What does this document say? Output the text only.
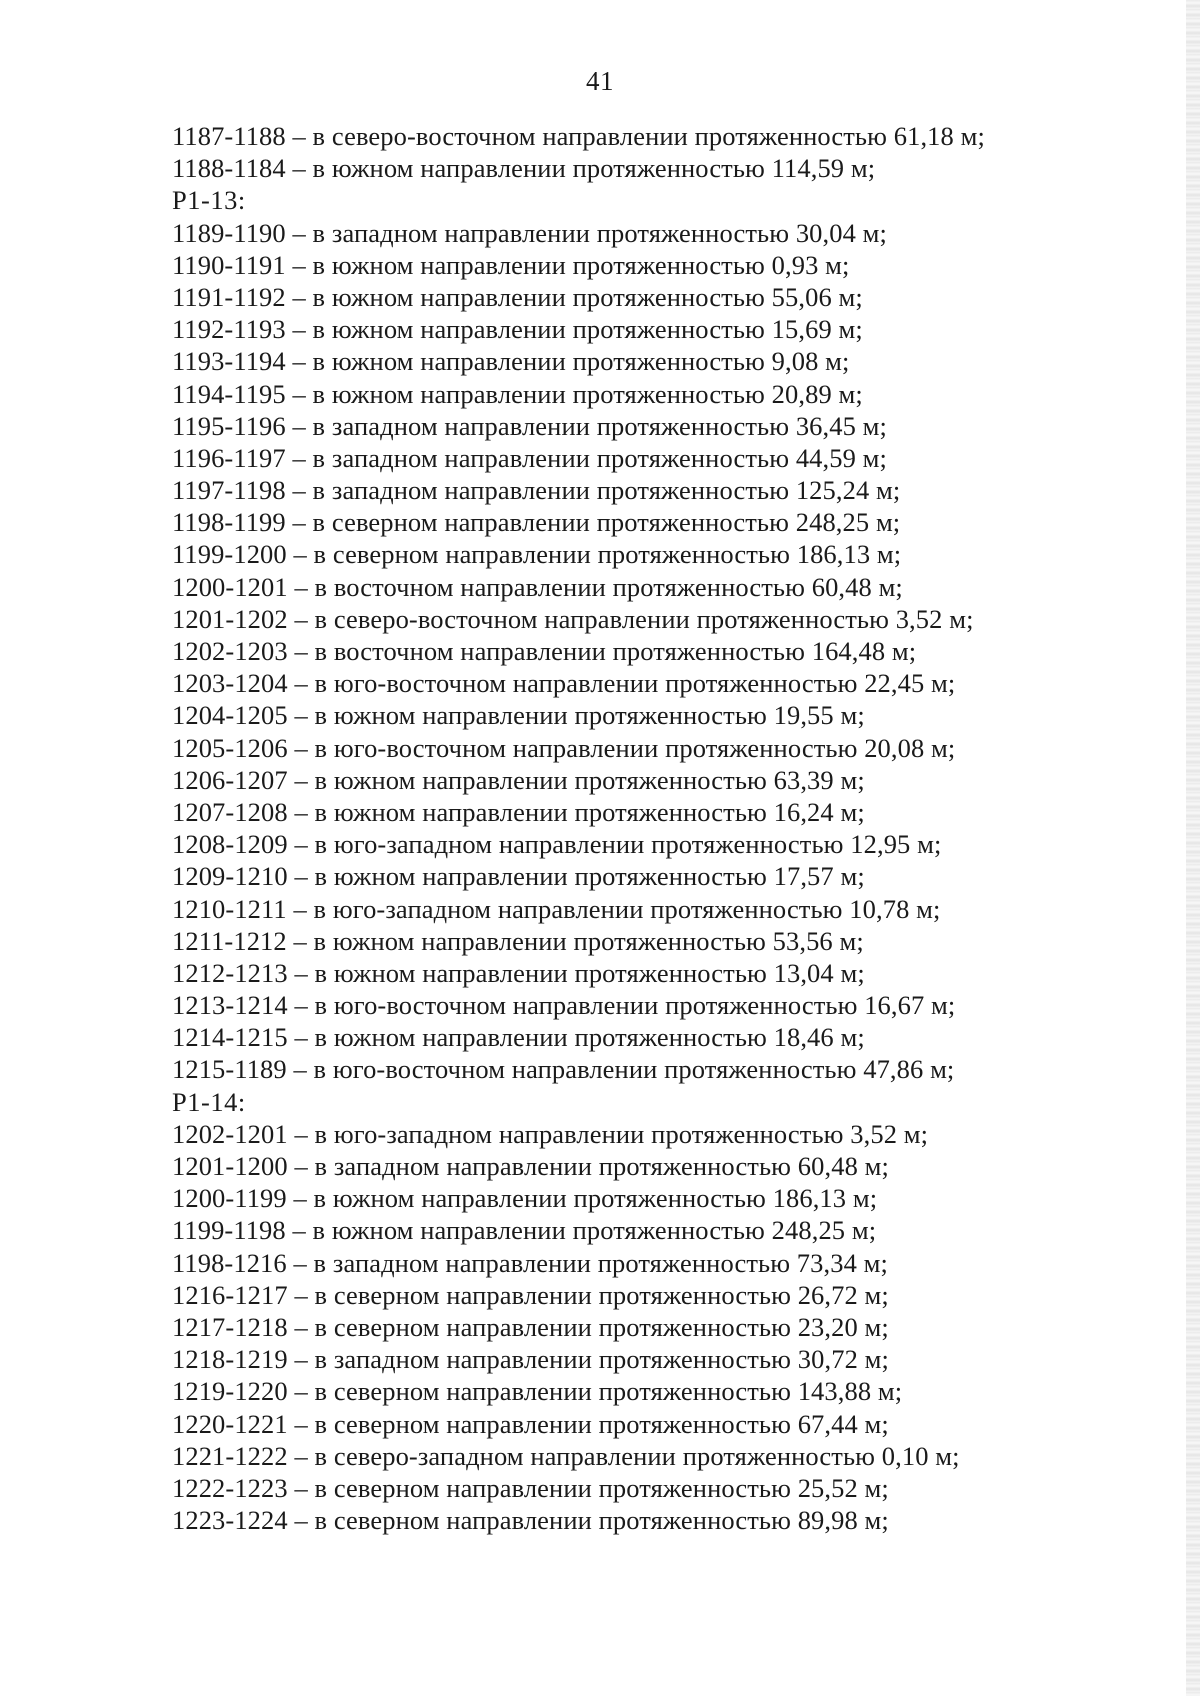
41
1187-1188 – в северо-восточном направлении протяженностью 61,18 м;
1188-1184 – в южном направлении протяженностью 114,59 м;
Р1-13:
1189-1190 – в западном направлении протяженностью 30,04 м;
1190-1191 – в южном направлении протяженностью 0,93 м;
1191-1192 – в южном направлении протяженностью 55,06 м;
1192-1193 – в южном направлении протяженностью 15,69 м;
1193-1194 – в южном направлении протяженностью 9,08 м;
1194-1195 – в южном направлении протяженностью 20,89 м;
1195-1196 – в западном направлении протяженностью 36,45 м;
1196-1197 – в западном направлении протяженностью 44,59 м;
1197-1198 – в западном направлении протяженностью 125,24 м;
1198-1199 – в северном направлении протяженностью 248,25 м;
1199-1200 – в северном направлении протяженностью 186,13 м;
1200-1201 – в восточном направлении протяженностью 60,48 м;
1201-1202 – в северо-восточном направлении протяженностью 3,52 м;
1202-1203 – в восточном направлении протяженностью 164,48 м;
1203-1204 – в юго-восточном направлении протяженностью 22,45 м;
1204-1205 – в южном направлении протяженностью 19,55 м;
1205-1206 – в юго-восточном направлении протяженностью 20,08 м;
1206-1207 – в южном направлении протяженностью 63,39 м;
1207-1208 – в южном направлении протяженностью 16,24 м;
1208-1209 – в юго-западном направлении протяженностью 12,95 м;
1209-1210 – в южном направлении протяженностью 17,57 м;
1210-1211 – в юго-западном направлении протяженностью 10,78 м;
1211-1212 – в южном направлении протяженностью 53,56 м;
1212-1213 – в южном направлении протяженностью 13,04 м;
1213-1214 – в юго-восточном направлении протяженностью 16,67 м;
1214-1215 – в южном направлении протяженностью 18,46 м;
1215-1189 – в юго-восточном направлении протяженностью 47,86 м;
Р1-14:
1202-1201 – в юго-западном направлении протяженностью 3,52 м;
1201-1200 – в западном направлении протяженностью 60,48 м;
1200-1199 – в южном направлении протяженностью 186,13 м;
1199-1198 – в южном направлении протяженностью 248,25 м;
1198-1216 – в западном направлении протяженностью 73,34 м;
1216-1217 – в северном направлении протяженностью 26,72 м;
1217-1218 – в северном направлении протяженностью 23,20 м;
1218-1219 – в западном направлении протяженностью 30,72 м;
1219-1220 – в северном направлении протяженностью 143,88 м;
1220-1221 – в северном направлении протяженностью 67,44 м;
1221-1222 – в северо-западном направлении протяженностью 0,10 м;
1222-1223 – в северном направлении протяженностью 25,52 м;
1223-1224 – в северном направлении протяженностью 89,98 м;
